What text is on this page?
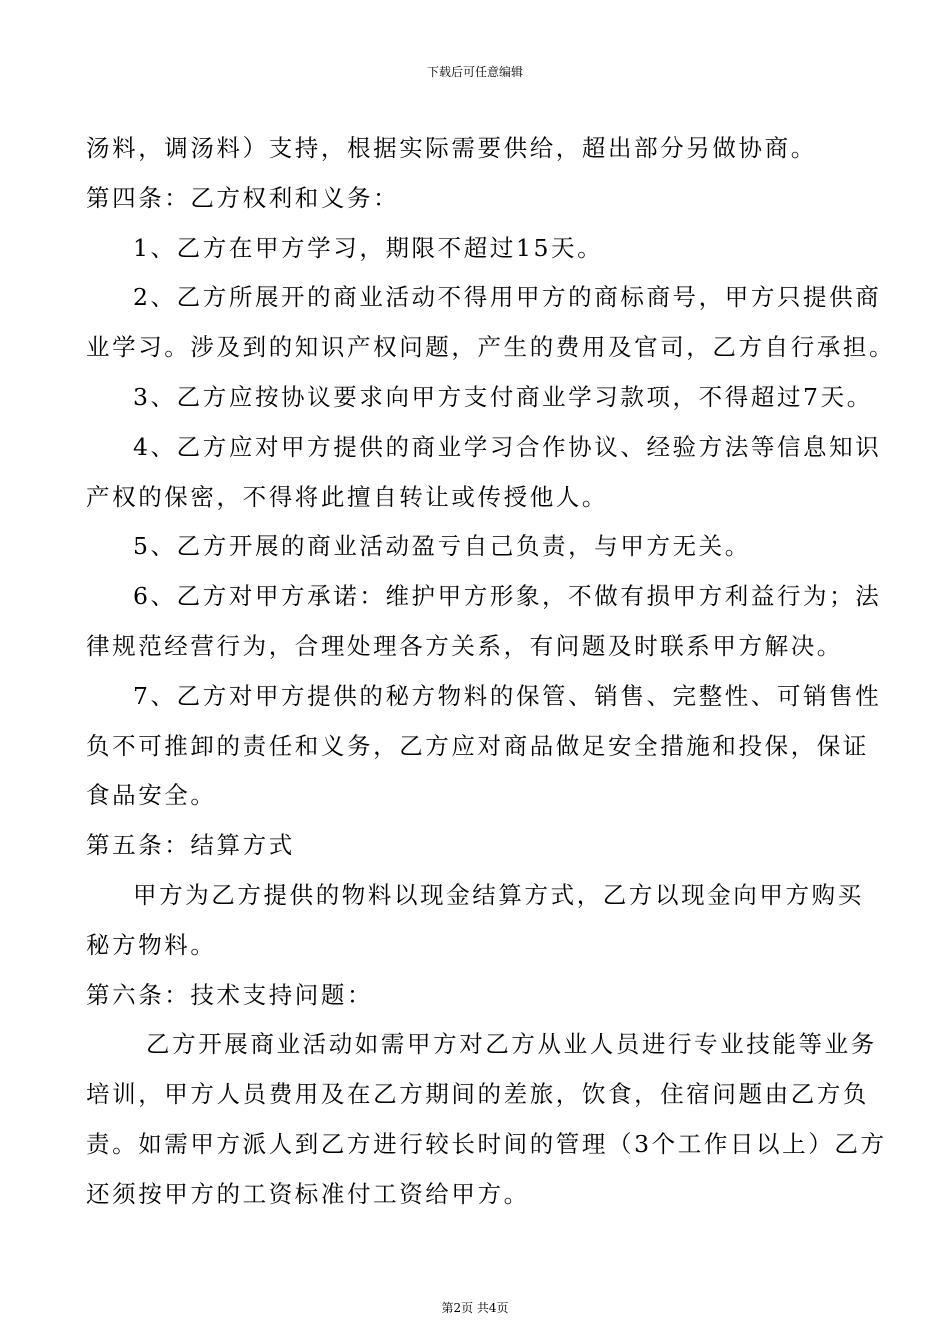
下载后可任意编辑
汤料，调汤料）支持，根据实际需要供给，超出部分另做协商。
第四条：乙方权利和义务：
1、乙方在甲方学习，期限不超过15天。
2、乙方所展开的商业活动不得用甲方的商标商号，甲方只提供商
业学习。涉及到的知识产权问题，产生的费用及官司，乙方自行承担。
3、乙方应按协议要求向甲方支付商业学习款项，不得超过7天。
4、乙方应对甲方提供的商业学习合作协议、经验方法等信息知识
产权的保密，不得将此擅自转让或传授他人。
5、乙方开展的商业活动盈亏自己负责，与甲方无关。
6、乙方对甲方承诺：维护甲方形象，不做有损甲方利益行为；法
律规范经营行为，合理处理各方关系，有问题及时联系甲方解决。
7、乙方对甲方提供的秘方物料的保管、销售、完整性、可销售性
负不可推卸的责任和义务，乙方应对商品做足安全措施和投保，保证
食品安全。
第五条：结算方式
甲方为乙方提供的物料以现金结算方式，乙方以现金向甲方购买
秘方物料。
第六条：技术支持问题：
乙方开展商业活动如需甲方对乙方从业人员进行专业技能等业务
培训，甲方人员费用及在乙方期间的差旅，饮食，住宿问题由乙方负
责。如需甲方派人到乙方进行较长时间的管理（3个工作日以上）乙方
还须按甲方的工资标准付工资给甲方。
第2页 共4页
